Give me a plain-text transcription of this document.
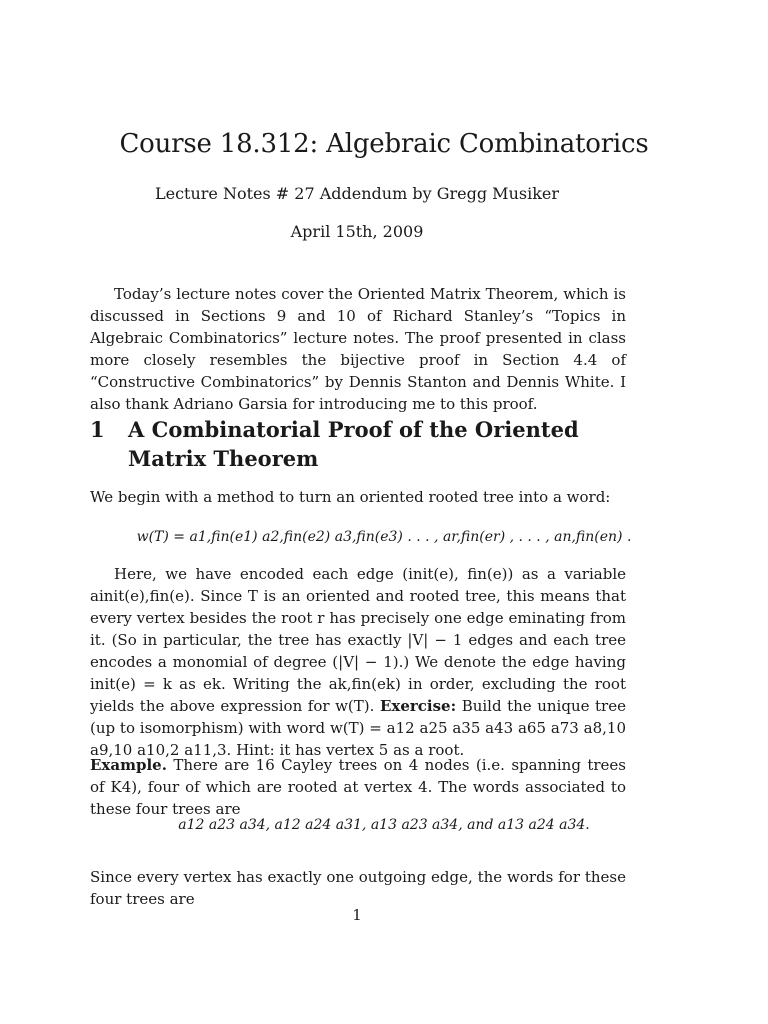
Course 18.312: Algebraic Combinatorics
Lecture Notes # 27 Addendum by Gregg Musiker
April 15th, 2009
Today’s lecture notes cover the Oriented Matrix Theorem, which is discussed in Sections 9 and 10 of Richard Stanley’s “Topics in Algebraic Combinatorics” lecture notes. The proof presented in class more closely resembles the bijective proof in Section 4.4 of “Constructive Combinatorics” by Dennis Stanton and Dennis White. I also thank Adriano Garsia for introducing me to this proof.
1 A Combinatorial Proof of the Oriented Matrix Theorem
We begin with a method to turn an oriented rooted tree into a word:
w(T) = a1,fin(e1) a2,fin(e2) a3,fin(e3) . . . , ar,fin(er) , . . . , an,fin(en) .
Here, we have encoded each edge (init(e), fin(e)) as a variable ainit(e),fin(e). Since T is an oriented and rooted tree, this means that every vertex besides the root r has precisely one edge eminating from it. (So in particular, the tree has exactly |V| − 1 edges and each tree encodes a monomial of degree (|V| − 1).) We denote the edge having init(e) = k as ek. Writing the ak,fin(ek) in order, excluding the root yields the above expression for w(T). Exercise: Build the unique tree (up to isomorphism) with word w(T) = a12 a25 a35 a43 a65 a73 a8,10 a9,10 a10,2 a11,3. Hint: it has vertex 5 as a root.
Example. There are 16 Cayley trees on 4 nodes (i.e. spanning trees of K4), four of which are rooted at vertex 4. The words associated to these four trees are
a12 a23 a34, a12 a24 a31, a13 a23 a34, and a13 a24 a34.
Since every vertex has exactly one outgoing edge, the words for these four trees are
1
